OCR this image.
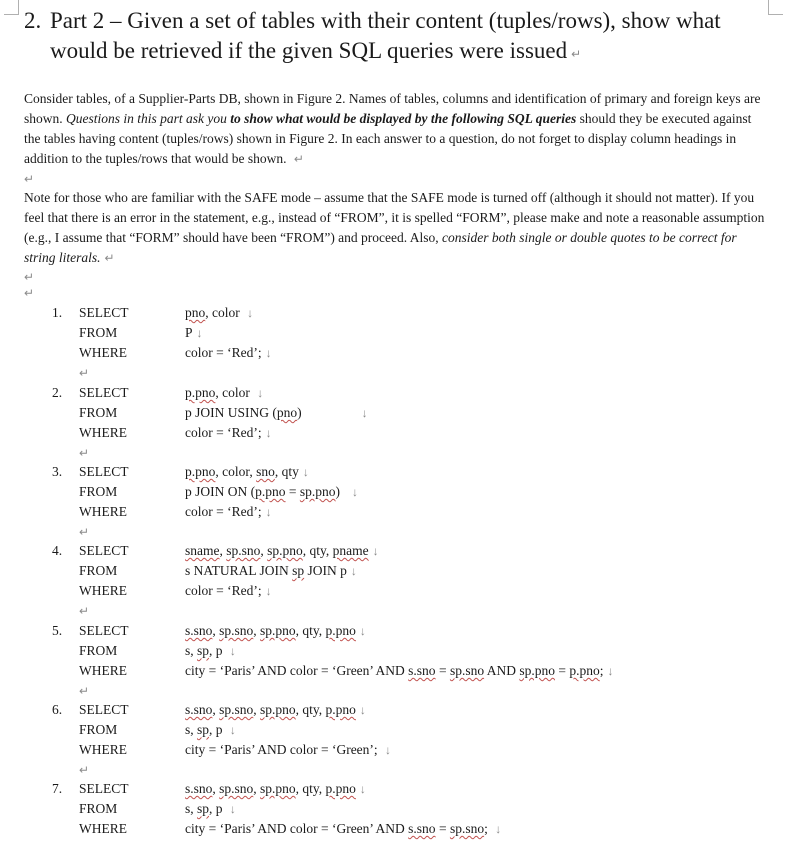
2. Part 2 – Given a set of tables with their content (tuples/rows), show what
would be retrieved if the given SQL queries were issued ↵
Consider tables, of a Supplier-Parts DB, shown in Figure 2. Names of tables, columns and identification of primary and foreign keys are shown. Questions in this part ask you to show what would be displayed by the following SQL queries should they be executed against the tables having content (tuples/rows) shown in Figure 2. In each answer to a question, do not forget to display column headings in addition to the tuples/rows that would be shown. ↵
↵
Note for those who are familiar with the SAFE mode – assume that the SAFE mode is turned off (although it should not matter). If you feel that there is an error in the statement, e.g., instead of “FROM”, it is spelled “FORM”, please make and note a reasonable assumption (e.g., I assume that “FORM” should have been “FROM”) and proceed. Also, consider both single or double quotes to be correct for string literals. ↵
↵
↵
1. SELECT	pno, color ↓
FROM	P ↓
WHERE	color = ‘Red’; ↓
↵
2. SELECT	p.pno, color ↓
FROM	p JOIN USING (pno)	↓
WHERE	color = ‘Red’; ↓
↵
3. SELECT	p.pno, color, sno, qty ↓
FROM	p JOIN ON (p.pno = sp.pno) ↓
WHERE	color = ‘Red’; ↓
↵
4. SELECT	sname, sp.sno, sp.pno, qty, pname ↓
FROM	s NATURAL JOIN sp JOIN p ↓
WHERE	color = ‘Red’; ↓
↵
5. SELECT	s.sno, sp.sno, sp.pno, qty, p.pno ↓
FROM	s, sp, p ↓
WHERE	city = ‘Paris’ AND color = ‘Green’ AND s.sno = sp.sno AND sp.pno = p.pno; ↓
↵
6. SELECT	s.sno, sp.sno, sp.pno, qty, p.pno ↓
FROM	s, sp, p ↓
WHERE	city = ‘Paris’ AND color = ‘Green’; ↓
↵
7. SELECT	s.sno, sp.sno, sp.pno, qty, p.pno ↓
FROM	s, sp, p ↓
WHERE	city = ‘Paris’ AND color = ‘Green’ AND s.sno = sp.sno; ↓
